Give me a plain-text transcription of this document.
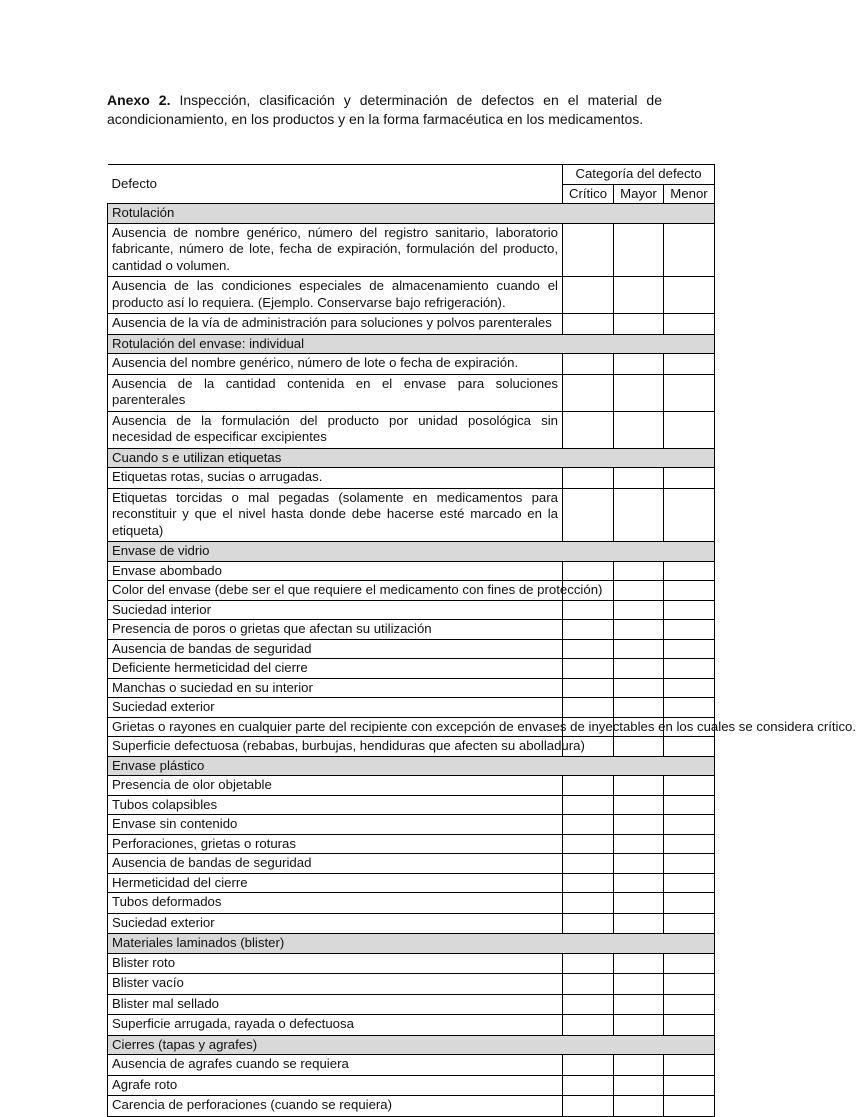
Anexo 2. Inspección, clasificación y determinación de defectos en el material de acondicionamiento, en los productos y en la forma farmacéutica en los medicamentos.

Defecto	Categoría del defecto		
	Crítico	Mayor	Menor
Rotulación			
Ausencia de nombre genérico, número del registro sanitario, laboratorio fabricante, número de lote, fecha de expiración, formulación del producto, cantidad o volumen.			
Ausencia de las condiciones especiales de almacenamiento cuando el producto así lo requiera. (Ejemplo. Conservarse bajo refrigeración).			
Ausencia de la vía de administración para soluciones y polvos parenterales			
Rotulación del envase: individual			
Ausencia del nombre genérico, número de lote o fecha de expiración.			
Ausencia de la cantidad contenida en el envase para soluciones parenterales			
Ausencia de la formulación del producto por unidad posológica sin necesidad de especificar excipientes			
Cuando s e utilizan etiquetas			
Etiquetas rotas, sucias o arrugadas.			
Etiquetas torcidas o mal pegadas (solamente en medicamentos para reconstituir y que el nivel hasta donde debe hacerse esté marcado en la etiqueta)			
Envase de vidrio			
Envase abombado			
Color del envase (debe ser el que requiere el medicamento con fines de protección)			
Suciedad interior			
Presencia de poros o grietas que afectan su utilización			
Ausencia de bandas de seguridad			
Deficiente hermeticidad del cierre			
Manchas o suciedad en su interior			
Suciedad exterior			
Grietas o rayones en cualquier parte del recipiente con excepción de envases de inyectables en los cuales se considera crítico.			
Superficie defectuosa (rebabas, burbujas, hendiduras que afecten su abolladura)			
Envase plástico			
Presencia de olor objetable			
Tubos colapsibles			
Envase sin contenido			
Perforaciones, grietas o roturas			
Ausencia de bandas de seguridad			
Hermeticidad del cierre			
Tubos deformados			
Suciedad exterior			
Materiales laminados (blister)			
Blister roto			
Blister vacío			
Blister mal sellado			
Superficie arrugada, rayada o defectuosa			
Cierres (tapas y agrafes)			
Ausencia de agrafes cuando se requiera			
Agrafe roto			
Carencia de perforaciones (cuando se requiera)			
